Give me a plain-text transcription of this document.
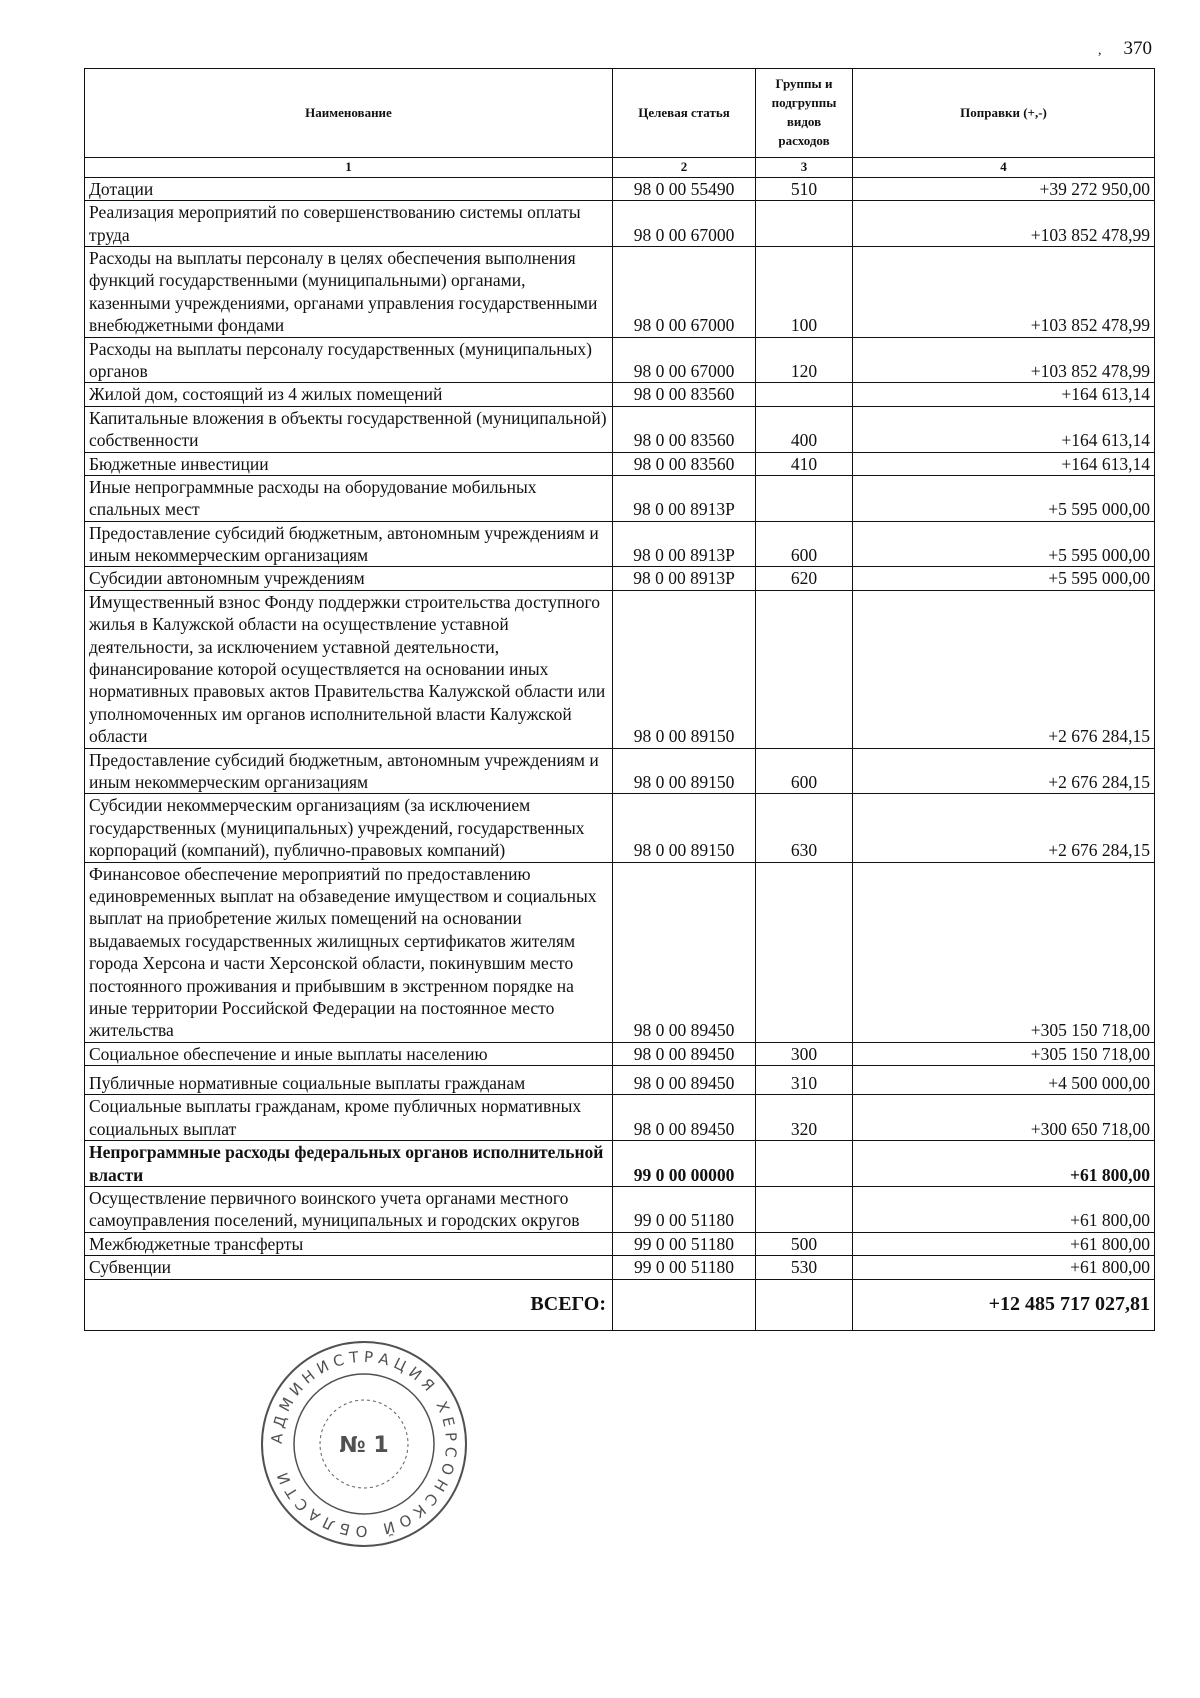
, 370
Наименование	Целевая статья	Группы и подгруппы видов расходов	Поправки (+,-)
1	2	3	4
Дотации	98 0 00 55490	510	+39 272 950,00
Реализация мероприятий по совершенствованию системы оплаты труда	98 0 00 67000		+103 852 478,99
Расходы на выплаты персоналу в целях обеспечения выполнения функций государственными (муниципальными) органами, казенными учреждениями, органами управления государственными внебюджетными фондами	98 0 00 67000	100	+103 852 478,99
Расходы на выплаты персоналу государственных (муниципальных) органов	98 0 00 67000	120	+103 852 478,99
Жилой дом, состоящий из 4 жилых помещений	98 0 00 83560		+164 613,14
Капитальные вложения в объекты государственной (муниципальной) собственности	98 0 00 83560	400	+164 613,14
Бюджетные инвестиции	98 0 00 83560	410	+164 613,14
Иные непрограммные расходы на оборудование мобильных спальных мест	98 0 00 8913Р		+5 595 000,00
Предоставление субсидий бюджетным, автономным учреждениям и иным некоммерческим организациям	98 0 00 8913Р	600	+5 595 000,00
Субсидии автономным учреждениям	98 0 00 8913Р	620	+5 595 000,00
Имущественный взнос Фонду поддержки строительства доступного жилья в Калужской области на осуществление уставной деятельности, за исключением уставной деятельности, финансирование которой осуществляется на основании иных нормативных правовых актов Правительства Калужской области или уполномоченных им органов исполнительной власти Калужской области	98 0 00 89150		+2 676 284,15
Предоставление субсидий бюджетным, автономным учреждениям и иным некоммерческим организациям	98 0 00 89150	600	+2 676 284,15
Субсидии некоммерческим организациям (за исключением государственных (муниципальных) учреждений, государственных корпораций (компаний), публично-правовых компаний)	98 0 00 89150	630	+2 676 284,15
Финансовое обеспечение мероприятий по предоставлению единовременных выплат на обзаведение имуществом и социальных выплат на приобретение жилых помещений на основании выдаваемых государственных жилищных сертификатов жителям города Херсона и части Херсонской области, покинувшим место постоянного проживания и прибывшим в экстренном порядке на иные территории Российской Федерации на постоянное место жительства	98 0 00 89450		+305 150 718,00
Социальное обеспечение и иные выплаты населению	98 0 00 89450	300	+305 150 718,00
Публичные нормативные социальные выплаты гражданам	98 0 00 89450	310	+4 500 000,00
Социальные выплаты гражданам, кроме публичных нормативных социальных выплат	98 0 00 89450	320	+300 650 718,00
Непрограммные расходы федеральных органов исполнительной власти	99 0 00 00000		+61 800,00
Осуществление первичного воинского учета органами местного самоуправления поселений, муниципальных и городских округов	99 0 00 51180		+61 800,00
Межбюджетные трансферты	99 0 00 51180	500	+61 800,00
Субвенции	99 0 00 51180	530	+61 800,00
ВСЕГО:			+12 485 717 027,81
АДМИНИСТРАЦИЯ ХЕРСОНСКОЙ ОБЛАСТИ
№ 1
